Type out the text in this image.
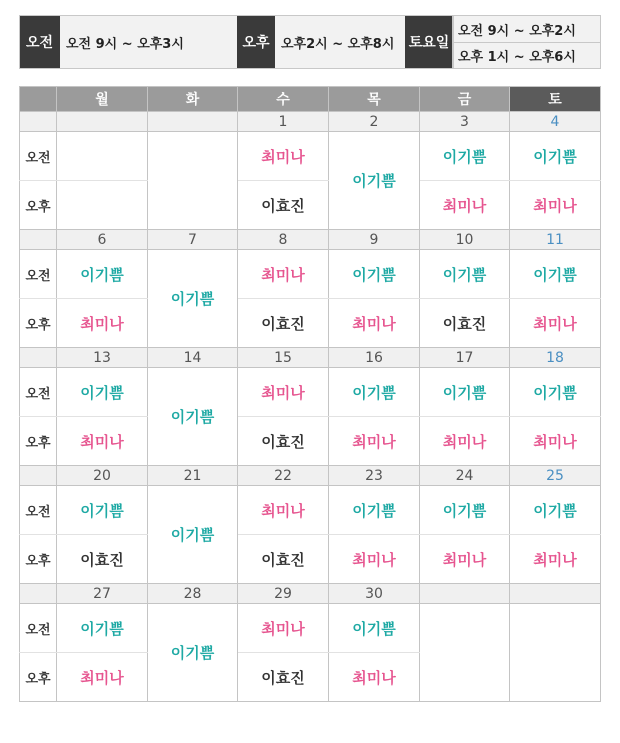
오전 오전 9시 ~ 오후3시	오후 오후2시 ~ 오후8시	토요일
오전 9시 ~ 오후2시
오후 1시 ~ 오후6시
	월	화	수	목	금	토
			1	2	3	4
오전			최미나	이기쁨	이기쁨	이기쁨
오후			이효진		최미나	최미나
	6	7	8	9	10	11
오전	이기쁨	이기쁨	최미나	이기쁨	이기쁨	이기쁨
오후	최미나		이효진	최미나	이효진	최미나
	13	14	15	16	17	18
오전	이기쁨	이기쁨	최미나	이기쁨	이기쁨	이기쁨
오후	최미나		이효진	최미나	최미나	최미나
	20	21	22	23	24	25
오전	이기쁨	이기쁨	최미나	이기쁨	이기쁨	이기쁨
오후	이효진		이효진	최미나	최미나	최미나
	27	28	29	30		
오전	이기쁨	이기쁨	최미나	이기쁨		
오후	최미나		이효진	최미나		
